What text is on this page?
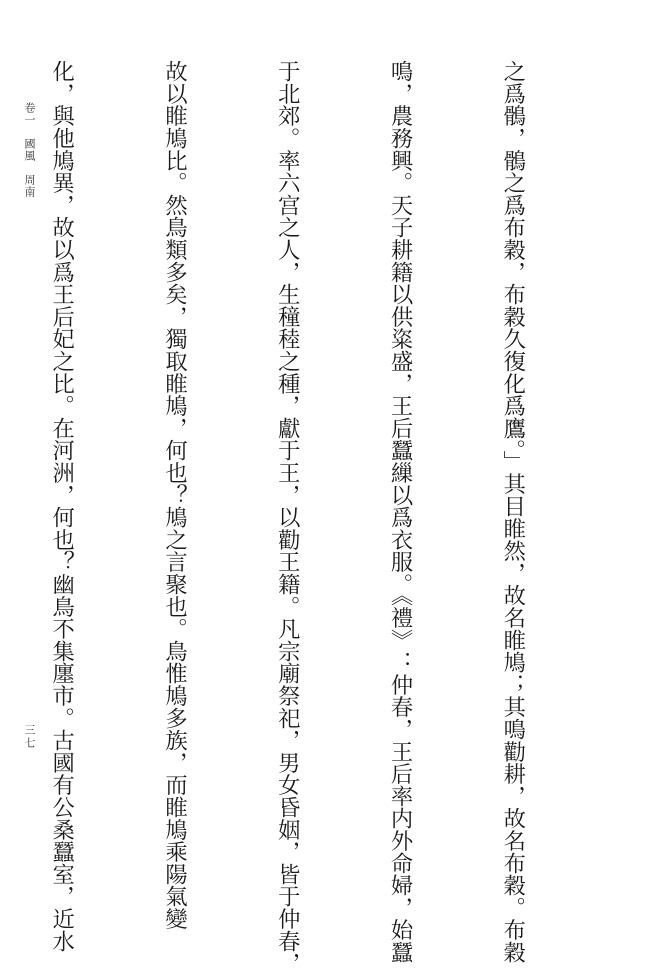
卷一　國風　周南

	之爲鶻，鶻之爲布穀，布穀久復化爲鷹。」其目睢然，故名睢鳩；其鳴勸耕，故名布穀。布穀

鳴，農務興。天子耕籍以供粢盛，王后蠶繅以爲衣服。《禮》：仲春，王后率内外命婦，始蠶

于北郊。率六宫之人，生穜稑之種，獻于王，以勸王籍。凡宗廟祭祀，男女昏姻，皆于仲春，

故以睢鳩比。然鳥類多矣，獨取睢鳩，何也？鳩之言聚也。鳥惟鳩多族，而睢鳩乘陽氣變

化，與他鳩異，故以爲王后妃之比。在河洲，何也？幽鳥不集廛市。古國有公桑蠶室，近水

三七
